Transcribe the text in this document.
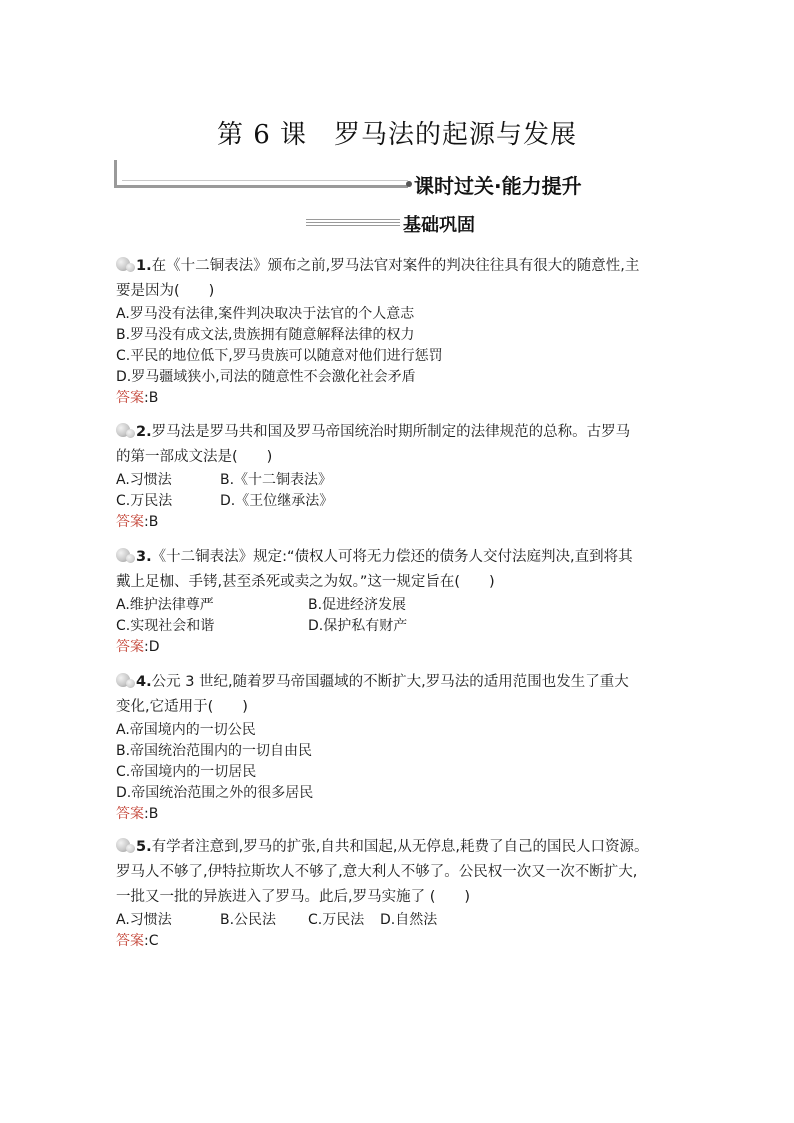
第 6 课　罗马法的起源与发展
课时过关·能力提升
基础巩固
1.在《十二铜表法》颁布之前,罗马法官对案件的判决往往具有很大的随意性,主
要是因为(　　)
A.罗马没有法律,案件判决取决于法官的个人意志
B.罗马没有成文法,贵族拥有随意解释法律的权力
C.平民的地位低下,罗马贵族可以随意对他们进行惩罚
D.罗马疆域狭小,司法的随意性不会激化社会矛盾
答案:B
2.罗马法是罗马共和国及罗马帝国统治时期所制定的法律规范的总称。古罗马
的第一部成文法是(　　)
A.习惯法	B.《十二铜表法》
C.万民法	D.《王位继承法》
答案:B
3.《十二铜表法》规定:“债权人可将无力偿还的债务人交付法庭判决,直到将其
戴上足枷、手铐,甚至杀死或卖之为奴。”这一规定旨在(　　)
A.维护法律尊严	B.促进经济发展
C.实现社会和谐	D.保护私有财产
答案:D
4.公元 3 世纪,随着罗马帝国疆域的不断扩大,罗马法的适用范围也发生了重大
变化,它适用于(　　)
A.帝国境内的一切公民
B.帝国统治范围内的一切自由民
C.帝国境内的一切居民
D.帝国统治范围之外的很多居民
答案:B
5.有学者注意到,罗马的扩张,自共和国起,从无停息,耗费了自己的国民人口资源。
罗马人不够了,伊特拉斯坎人不够了,意大利人不够了。公民权一次又一次不断扩大,
一批又一批的异族进入了罗马。此后,罗马实施了 (　　)
A.习惯法	B.公民法	C.万民法	D.自然法
答案:C
